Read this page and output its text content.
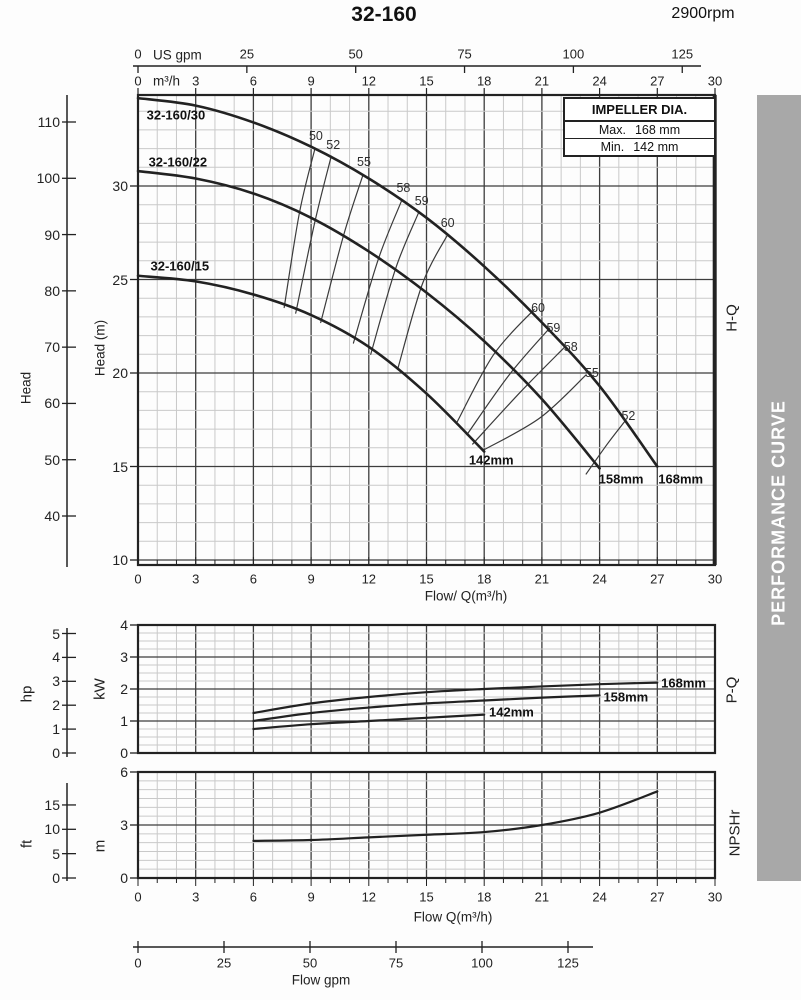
32-160	2900rpm
US gpm
m³/h
Head
Head (m)
Flow/ Q(m³/h)
hp	kW
ft	m
Flow Q(m³/h)
Flow gpm
H-Q
P-Q
NPSHr
PERFORMANCE CURVE
IMPELLER DIA.
Max. 168 mm
Min. 142 mm
110
100
90
80
70
60
50
40
5
4
3
2
1
0
15
10
5
0
0	25	50	75	100	125
0	3	6	9	12	15	18	21	24	27	30
0	25	50	75	100	125
30
25
20
15
10
4
3
2
1
0
6
3
0
0	3	6	9	12	15	18	21	24	27	30
0	3	6	9	12	15	18	21	24	27	30
50
52
55
58
59
60
60
59
58
55
52
32-160/30
168mm
32-160/22
158mm
32-160/15
142mm
168mm
158mm
142mm
